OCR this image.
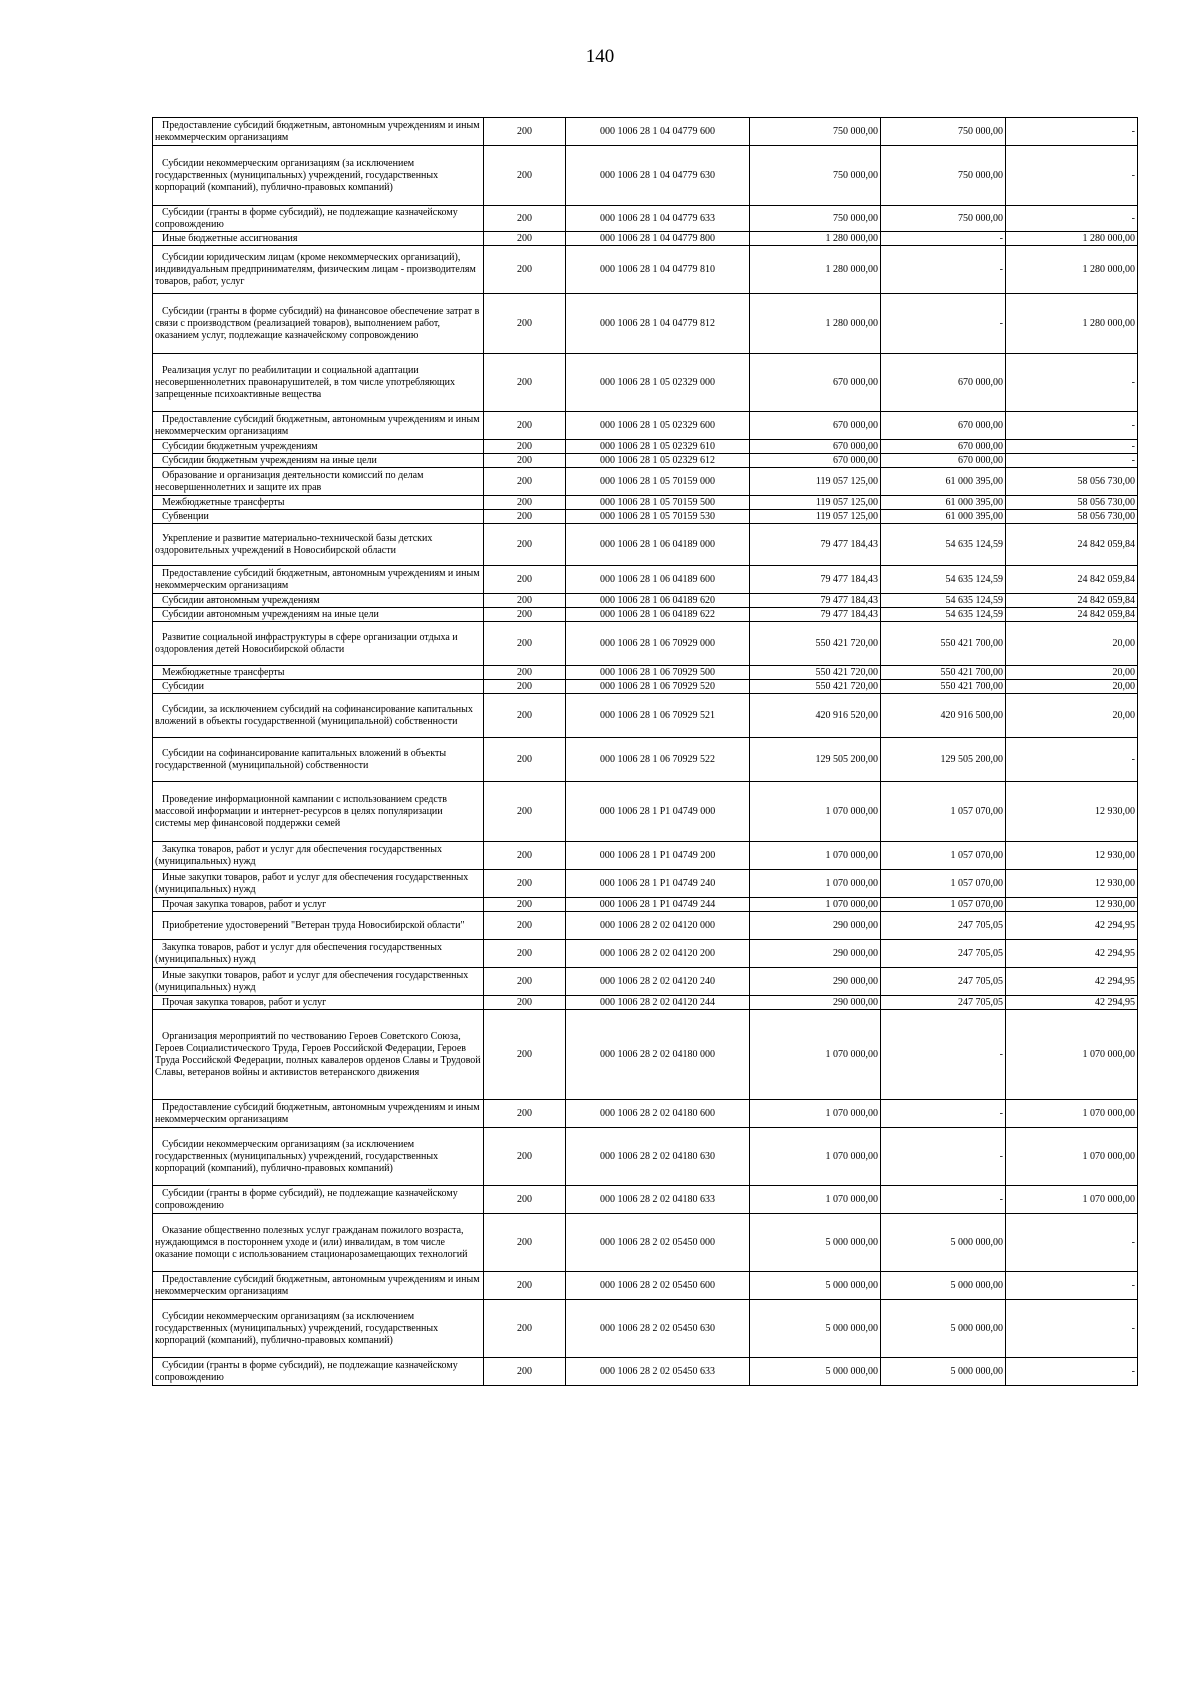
140
Предоставление субсидий бюджетным, автономным учреждениям и иным некоммерческим организациям	200	000 1006 28 1 04 04779 600	750 000,00	750 000,00	-

Субсидии некоммерческим организациям (за исключением государственных (муниципальных) учреждений, государственных корпораций (компаний), публично-правовых компаний)	200	000 1006 28 1 04 04779 630	750 000,00	750 000,00	-

Субсидии (гранты в форме субсидий), не подлежащие казначейскому сопровождению	200	000 1006 28 1 04 04779 633	750 000,00	750 000,00	-

Иные бюджетные ассигнования	200	000 1006 28 1 04 04779 800	1 280 000,00	-	1 280 000,00

Субсидии юридическим лицам (кроме некоммерческих организаций), индивидуальным предпринимателям, физическим лицам - производителям товаров, работ, услуг	200	000 1006 28 1 04 04779 810	1 280 000,00	-	1 280 000,00

Субсидии (гранты в форме субсидий) на финансовое обеспечение затрат в связи с производством (реализацией товаров), выполнением работ, оказанием услуг, подлежащие казначейскому сопровождению	200	000 1006 28 1 04 04779 812	1 280 000,00	-	1 280 000,00

Реализация услуг по реабилитации и социальной адаптации несовершеннолетних правонарушителей, в том числе употребляющих запрещенные психоактивные вещества	200	000 1006 28 1 05 02329 000	670 000,00	670 000,00	-

Предоставление субсидий бюджетным, автономным учреждениям и иным некоммерческим организациям	200	000 1006 28 1 05 02329 600	670 000,00	670 000,00	-

Субсидии бюджетным учреждениям	200	000 1006 28 1 05 02329 610	670 000,00	670 000,00	-

Субсидии бюджетным учреждениям на иные цели	200	000 1006 28 1 05 02329 612	670 000,00	670 000,00	-

Образование и организация деятельности комиссий по делам несовершеннолетних и защите их прав	200	000 1006 28 1 05 70159 000	119 057 125,00	61 000 395,00	58 056 730,00

Межбюджетные трансферты	200	000 1006 28 1 05 70159 500	119 057 125,00	61 000 395,00	58 056 730,00

Субвенции	200	000 1006 28 1 05 70159 530	119 057 125,00	61 000 395,00	58 056 730,00

Укрепление и развитие материально-технической базы детских оздоровительных учреждений в Новосибирской области	200	000 1006 28 1 06 04189 000	79 477 184,43	54 635 124,59	24 842 059,84

Предоставление субсидий бюджетным, автономным учреждениям и иным некоммерческим организациям	200	000 1006 28 1 06 04189 600	79 477 184,43	54 635 124,59	24 842 059,84

Субсидии автономным учреждениям	200	000 1006 28 1 06 04189 620	79 477 184,43	54 635 124,59	24 842 059,84

Субсидии автономным учреждениям на иные цели	200	000 1006 28 1 06 04189 622	79 477 184,43	54 635 124,59	24 842 059,84

Развитие социальной инфраструктуры в сфере организации отдыха и оздоровления детей Новосибирской области	200	000 1006 28 1 06 70929 000	550 421 720,00	550 421 700,00	20,00

Межбюджетные трансферты	200	000 1006 28 1 06 70929 500	550 421 720,00	550 421 700,00	20,00

Субсидии	200	000 1006 28 1 06 70929 520	550 421 720,00	550 421 700,00	20,00

Субсидии, за исключением субсидий на софинансирование капитальных вложений в объекты государственной (муниципальной) собственности	200	000 1006 28 1 06 70929 521	420 916 520,00	420 916 500,00	20,00

Субсидии на софинансирование капитальных вложений в объекты государственной (муниципальной) собственности	200	000 1006 28 1 06 70929 522	129 505 200,00	129 505 200,00	-

Проведение информационной кампании с использованием средств массовой информации и интернет-ресурсов в целях популяризации системы мер финансовой поддержки семей	200	000 1006 28 1 P1 04749 000	1 070 000,00	1 057 070,00	12 930,00

Закупка товаров, работ и услуг для обеспечения государственных (муниципальных) нужд	200	000 1006 28 1 P1 04749 200	1 070 000,00	1 057 070,00	12 930,00

Иные закупки товаров, работ и услуг для обеспечения государственных (муниципальных) нужд	200	000 1006 28 1 P1 04749 240	1 070 000,00	1 057 070,00	12 930,00

Прочая закупка товаров, работ и услуг	200	000 1006 28 1 P1 04749 244	1 070 000,00	1 057 070,00	12 930,00

Приобретение удостоверений "Ветеран труда Новосибирской области"	200	000 1006 28 2 02 04120 000	290 000,00	247 705,05	42 294,95

Закупка товаров, работ и услуг для обеспечения государственных (муниципальных) нужд	200	000 1006 28 2 02 04120 200	290 000,00	247 705,05	42 294,95

Иные закупки товаров, работ и услуг для обеспечения государственных (муниципальных) нужд	200	000 1006 28 2 02 04120 240	290 000,00	247 705,05	42 294,95

Прочая закупка товаров, работ и услуг	200	000 1006 28 2 02 04120 244	290 000,00	247 705,05	42 294,95

Организация мероприятий по чествованию Героев Советского Союза, Героев Социалистического Труда, Героев Российской Федерации, Героев Труда Российской Федерации, полных кавалеров орденов Славы и Трудовой Славы, ветеранов войны и активистов ветеранского движения	200	000 1006 28 2 02 04180 000	1 070 000,00	-	1 070 000,00

Предоставление субсидий бюджетным, автономным учреждениям и иным некоммерческим организациям	200	000 1006 28 2 02 04180 600	1 070 000,00	-	1 070 000,00

Субсидии некоммерческим организациям (за исключением государственных (муниципальных) учреждений, государственных корпораций (компаний), публично-правовых компаний)	200	000 1006 28 2 02 04180 630	1 070 000,00	-	1 070 000,00

Субсидии (гранты в форме субсидий), не подлежащие казначейскому сопровождению	200	000 1006 28 2 02 04180 633	1 070 000,00	-	1 070 000,00

Оказание общественно полезных услуг гражданам пожилого возраста, нуждающимся в постороннем уходе и (или) инвалидам, в том числе оказание помощи с использованием стационарозамещающих технологий	200	000 1006 28 2 02 05450 000	5 000 000,00	5 000 000,00	-

Предоставление субсидий бюджетным, автономным учреждениям и иным некоммерческим организациям	200	000 1006 28 2 02 05450 600	5 000 000,00	5 000 000,00	-

Субсидии некоммерческим организациям (за исключением государственных (муниципальных) учреждений, государственных корпораций (компаний), публично-правовых компаний)	200	000 1006 28 2 02 05450 630	5 000 000,00	5 000 000,00	-

Субсидии (гранты в форме субсидий), не подлежащие казначейскому сопровождению	200	000 1006 28 2 02 05450 633	5 000 000,00	5 000 000,00	-
